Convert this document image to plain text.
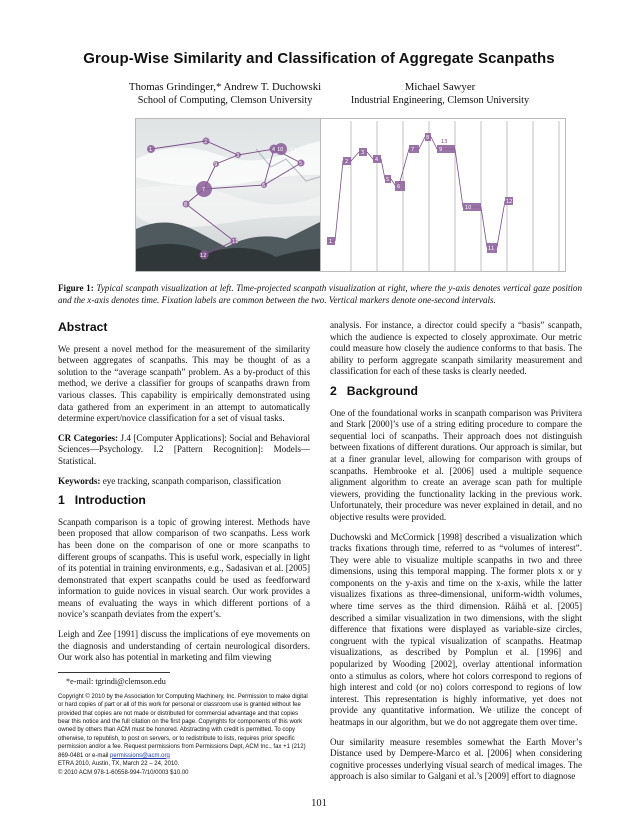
Group-Wise Similarity and Classification of Aggregate Scanpaths
Thomas Grindinger,* Andrew T. Duchowski
School of Computing, Clemson University
Michael Sawyer
Industrial Engineering, Clemson University
1
2
3
4
5
6
7
8
9
10
11
12
13
1
2
3
4
5
6
7
8
9
10
11
12
13
Figure 1: Typical scanpath visualization at left. Time-projected scanpath visualization at right, where the y-axis denotes vertical gaze position and the x-axis denotes time. Fixation labels are common between the two. Vertical markers denote one-second intervals.
Abstract

We present a novel method for the measurement of the similarity between aggregates of scanpaths. This may be thought of as a solution to the “average scanpath” problem. As a by-product of this method, we derive a classifier for groups of scanpaths drawn from various classes. This capability is empirically demonstrated using data gathered from an experiment in an attempt to automatically determine expert/novice classification for a set of visual tasks.

CR Categories: J.4 [Computer Applications]: Social and Behavioral Sciences—Psychology. I.2 [Pattern Recognition]: Models—Statistical.

Keywords: eye tracking, scanpath comparison, classification

1 Introduction

Scanpath comparison is a topic of growing interest. Methods have been proposed that allow comparison of two scanpaths. Less work has been done on the comparison of one or more scanpaths to different groups of scanpaths. This is useful work, especially in light of its potential in training environments, e.g., Sadasivan et al. [2005] demonstrated that expert scanpaths could be used as feedforward information to guide novices in visual search. Our work provides a means of evaluating the ways in which different portions of a novice’s scanpath deviates from the expert’s.

Leigh and Zee [1991] discuss the implications of eye movements on the diagnosis and understanding of certain neurological disorders. Our work also has potential in marketing and film viewing

*e-mail: tgrindi@clemson.edu
Copyright © 2010 by the Association for Computing Machinery, Inc. Permission to make digital or hard copies of part or all of this work for personal or classroom use is granted without fee provided that copies are not made or distributed for commercial advantage and that copies bear this notice and the full citation on the first page. Copyrights for components of this work owned by others than ACM must be honored. Abstracting with credit is permitted. To copy otherwise, to republish, to post on servers, or to redistribute to lists, requires prior specific permission and/or a fee. Request permissions from Permissions Dept, ACM Inc., fax +1 (212) 869-0481 or e-mail permissions@acm.org
ETRA 2010, Austin, TX, March 22 – 24, 2010.
© 2010 ACM 978-1-60558-994-7/10/0003 $10.00

analysis. For instance, a director could specify a “basis” scanpath, which the audience is expected to closely approximate. Our metric could measure how closely the audience conforms to that basis. The ability to perform aggregate scanpath similarity measurement and classification for each of these tasks is clearly needed.

2 Background

One of the foundational works in scanpath comparison was Privitera and Stark [2000]’s use of a string editing procedure to compare the sequential loci of scanpaths. Their approach does not distinguish between fixations of different durations. Our approach is similar, but at a finer granular level, allowing for comparison with groups of scanpaths. Hembrooke et al. [2006] used a multiple sequence alignment algorithm to create an average scan path for multiple viewers, providing the functionality lacking in the previous work. Unfortunately, their procedure was never explained in detail, and no objective results were provided.

Duchowski and McCormick [1998] described a visualization which tracks fixations through time, referred to as “volumes of interest”. They were able to visualize multiple scanpaths in two and three dimensions, using this temporal mapping. The former plots x or y components on the y-axis and time on the x-axis, while the latter visualizes fixations as three-dimensional, uniform-width volumes, where time serves as the third dimension. Räihä et al. [2005] described a similar visualization in two dimensions, with the slight difference that fixations were displayed as variable-size circles, congruent with the typical visualization of scanpaths. Heatmap visualizations, as described by Pomplun et al. [1996] and popularized by Wooding [2002], overlay attentional information onto a stimulus as colors, where hot colors correspond to regions of high interest and cold (or no) colors correspond to regions of low interest. This representation is highly informative, yet does not provide any quantitative information. We utilize the concept of heatmaps in our algorithm, but we do not aggregate them over time.

Our similarity measure resembles somewhat the Earth Mover’s Distance used by Dempere-Marco et al. [2006] when considering cognitive processes underlying visual search of medical images. The approach is also similar to Galgani et al.’s [2009] effort to diagnose

101
